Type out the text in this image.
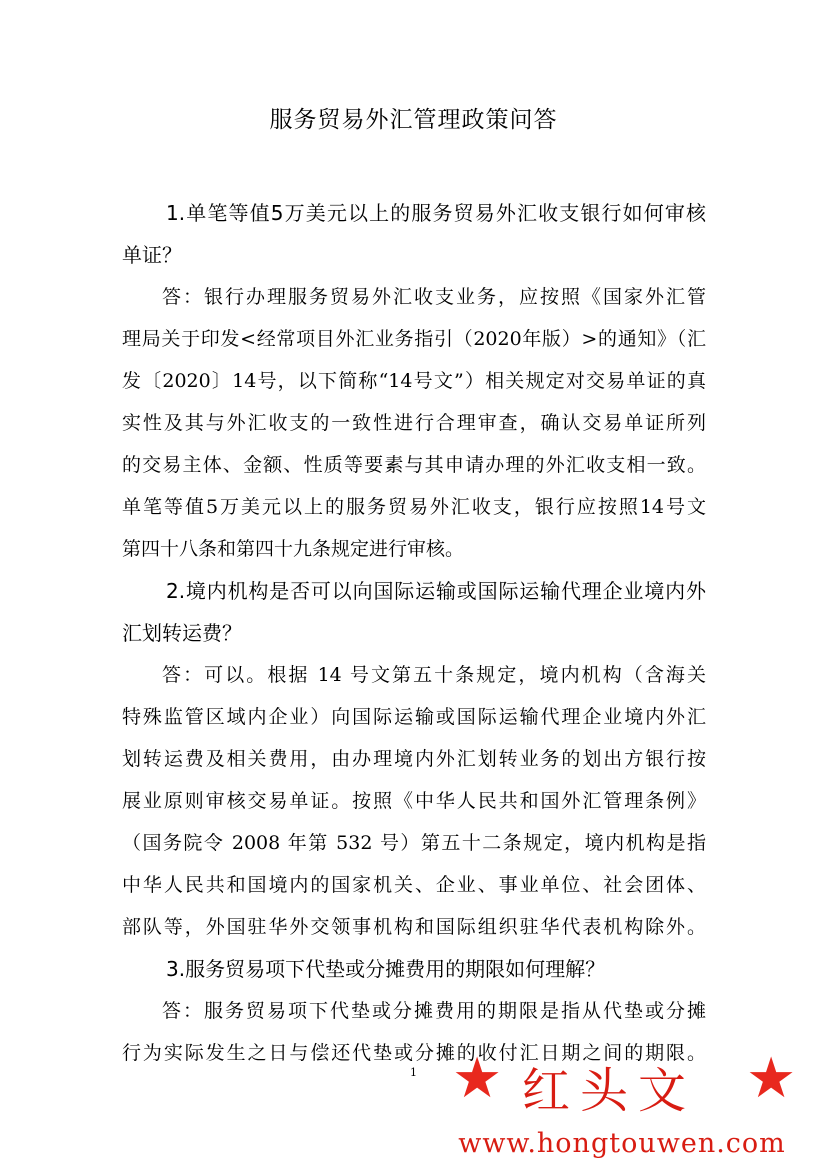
服务贸易外汇管理政策问答
1.单笔等值5万美元以上的服务贸易外汇收支银行如何审核
单证？
答：银行办理服务贸易外汇收支业务，应按照《国家外汇管
理局关于印发<经常项目外汇业务指引（2020年版）>的通知》（汇
发〔2020〕14号，以下简称“14号文”）相关规定对交易单证的真
实性及其与外汇收支的一致性进行合理审查，确认交易单证所列
的交易主体、金额、性质等要素与其申请办理的外汇收支相一致。
单笔等值5万美元以上的服务贸易外汇收支，银行应按照14号文
第四十八条和第四十九条规定进行审核。
2.境内机构是否可以向国际运输或国际运输代理企业境内外
汇划转运费？
答：可以。根据 14 号文第五十条规定，境内机构（含海关
特殊监管区域内企业）向国际运输或国际运输代理企业境内外汇
划转运费及相关费用，由办理境内外汇划转业务的划出方银行按
展业原则审核交易单证。按照《中华人民共和国外汇管理条例》
（国务院令 2008 年第 532 号）第五十二条规定，境内机构是指
中华人民共和国境内的国家机关、企业、事业单位、社会团体、
部队等，外国驻华外交领事机构和国际组织驻华代表机构除外。
3.服务贸易项下代垫或分摊费用的期限如何理解？
答：服务贸易项下代垫或分摊费用的期限是指从代垫或分摊
行为实际发生之日与偿还代垫或分摊的收付汇日期之间的期限。
1 ★ 红头文 ★
www.hongtouwen.com
